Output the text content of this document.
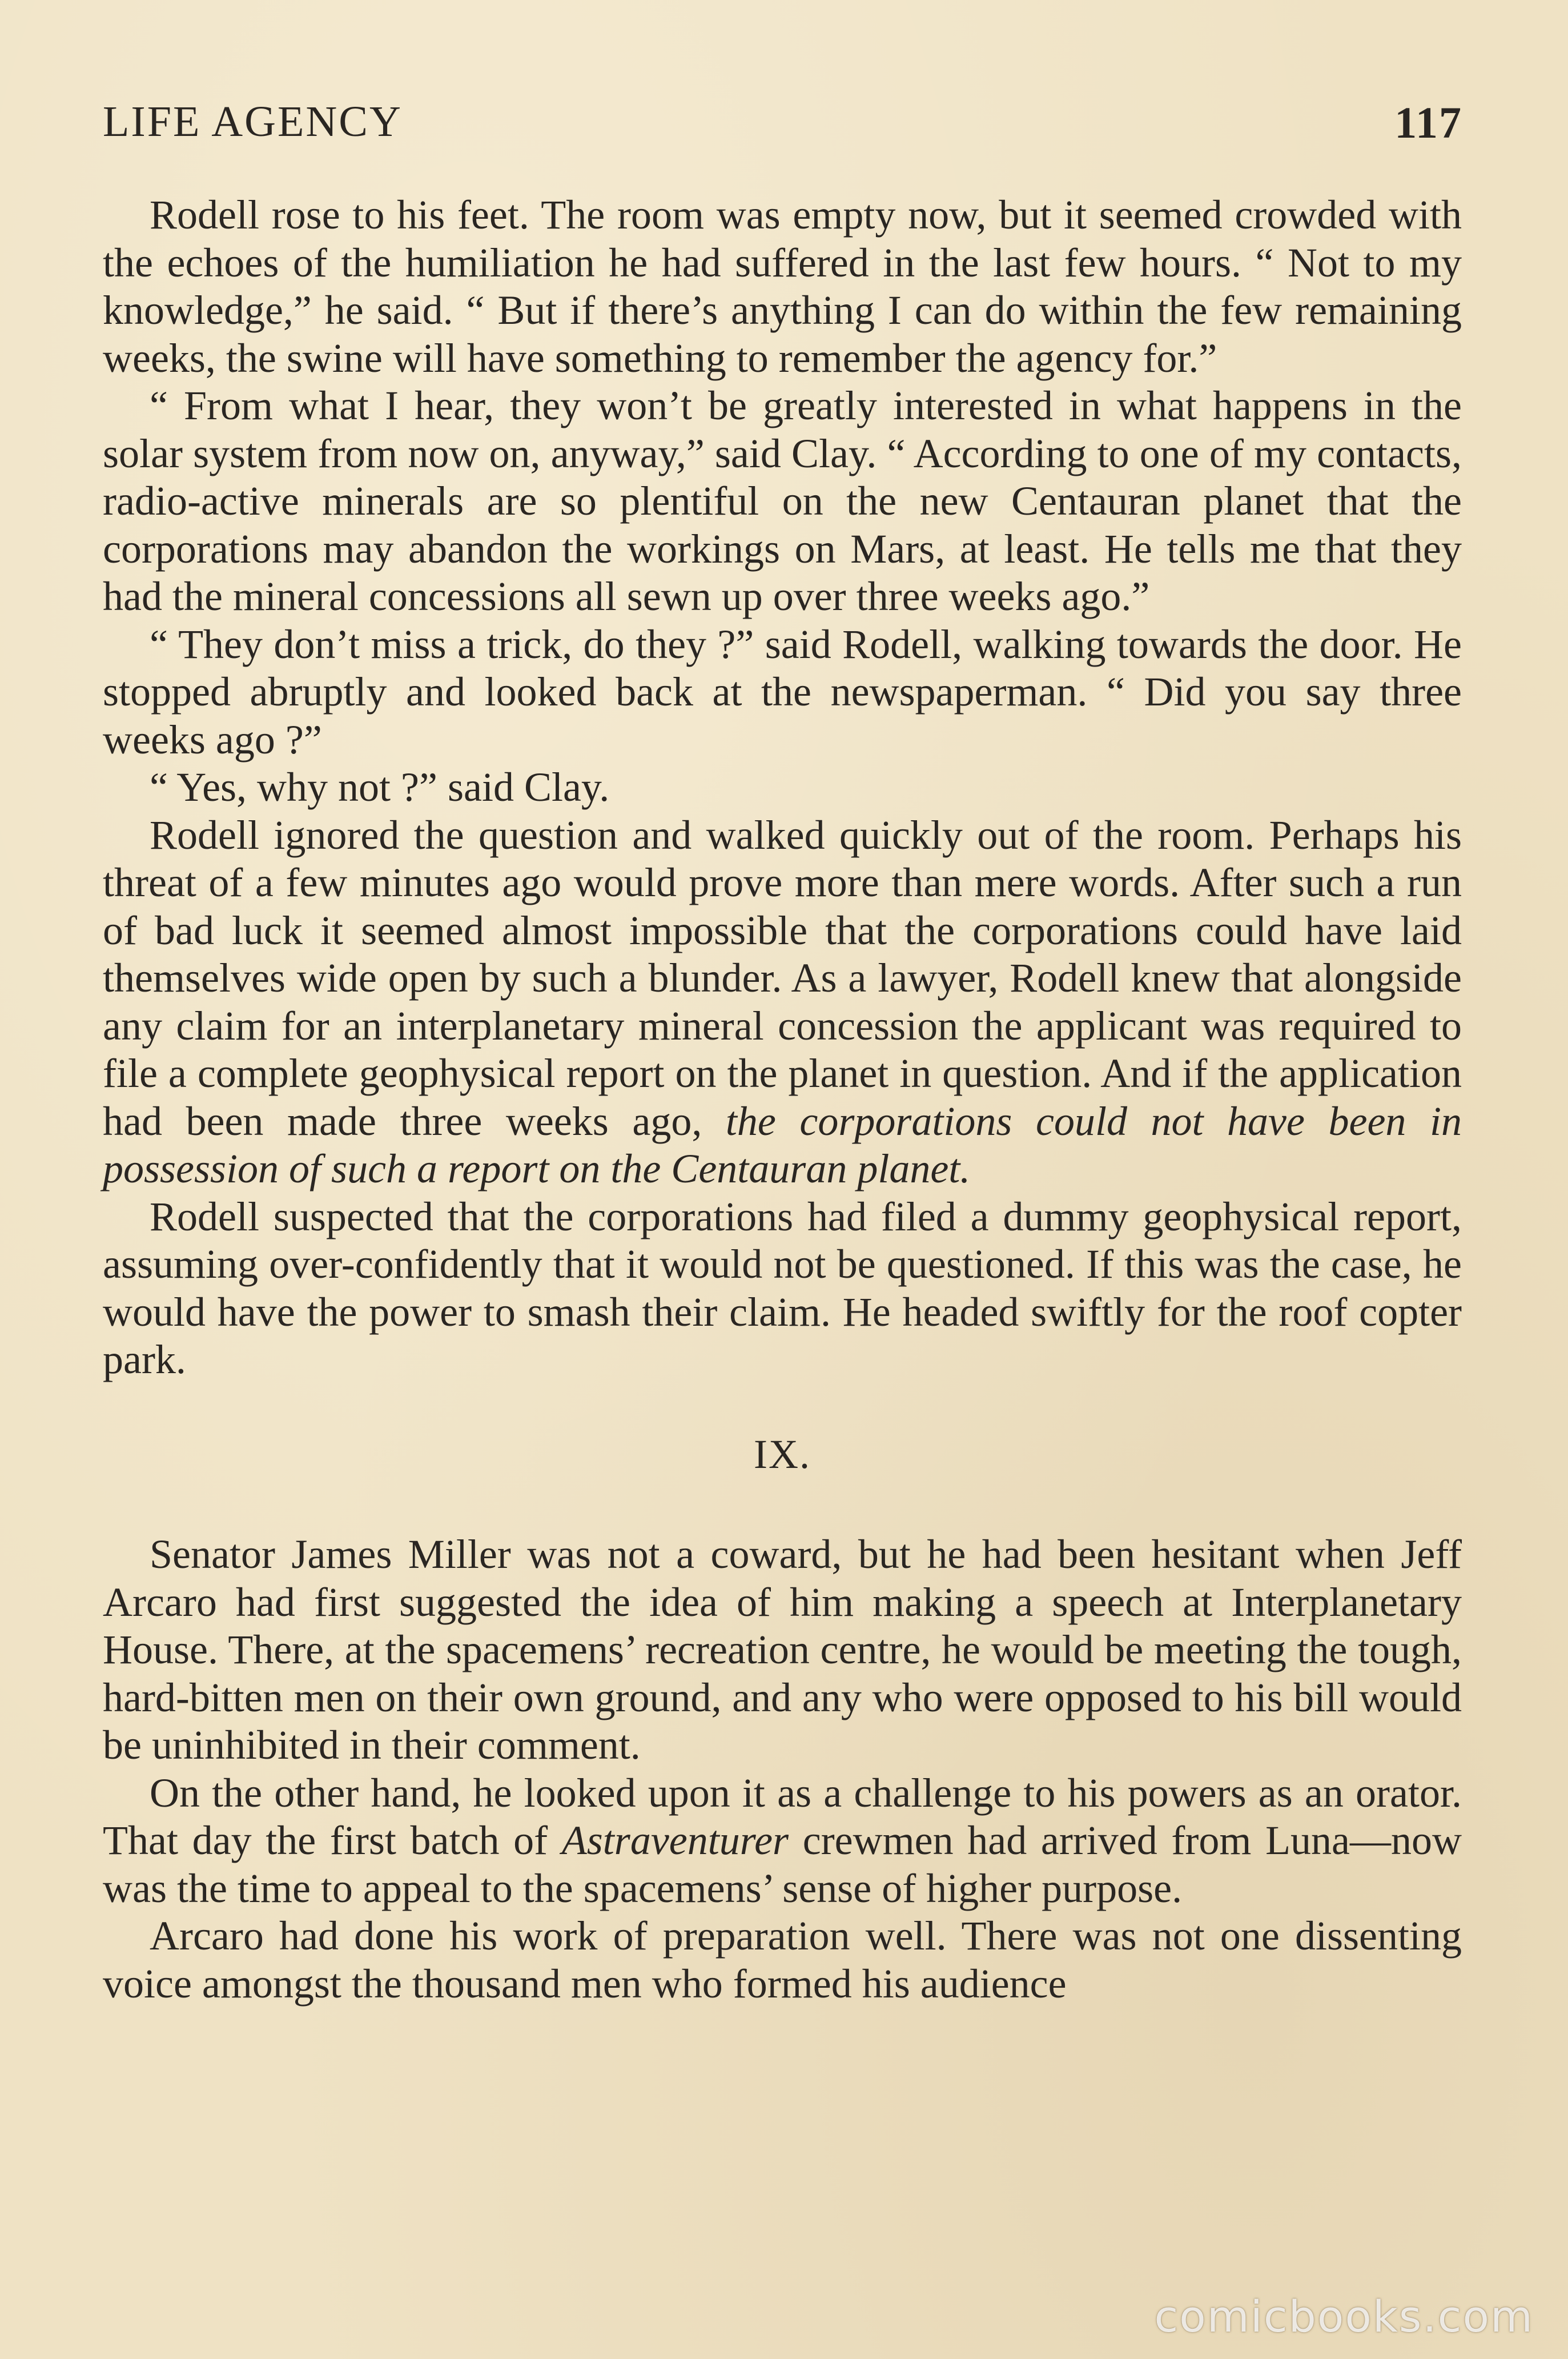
LIFE AGENCY	117

Rodell rose to his feet. The room was empty now, but it seemed crowded with the echoes of the humiliation he had suffered in the last few hours. “ Not to my knowledge,” he said. “ But if there’s anything I can do within the few remaining weeks, the swine will have something to remember the agency for.”

“ From what I hear, they won’t be greatly interested in what happens in the solar system from now on, anyway,” said Clay. “ According to one of my contacts, radio-active minerals are so plentiful on the new Centauran planet that the corporations may abandon the workings on Mars, at least. He tells me that they had the mineral concessions all sewn up over three weeks ago.”

“ They don’t miss a trick, do they ?” said Rodell, walking towards the door. He stopped abruptly and looked back at the newspaperman. “ Did you say three weeks ago ?”

“ Yes, why not ?” said Clay.

Rodell ignored the question and walked quickly out of the room. Perhaps his threat of a few minutes ago would prove more than mere words. After such a run of bad luck it seemed almost impossible that the corporations could have laid themselves wide open by such a blunder. As a lawyer, Rodell knew that alongside any claim for an interplanetary mineral concession the applicant was required to file a complete geophysical report on the planet in question. And if the application had been made three weeks ago, the corporations could not have been in possession of such a report on the Centauran planet.

Rodell suspected that the corporations had filed a dummy geophysical report, assuming over-confidently that it would not be questioned. If this was the case, he would have the power to smash their claim. He headed swiftly for the roof copter park.

IX.

Senator James Miller was not a coward, but he had been hesitant when Jeff Arcaro had first suggested the idea of him making a speech at Interplanetary House. There, at the spacemens’ recreation centre, he would be meeting the tough, hard-bitten men on their own ground, and any who were opposed to his bill would be uninhibited in their comment.

On the other hand, he looked upon it as a challenge to his powers as an orator. That day the first batch of Astraventurer crewmen had arrived from Luna—now was the time to appeal to the spacemens’ sense of higher purpose.

Arcaro had done his work of preparation well. There was not one dissenting voice amongst the thousand men who formed his audience

comicbooks.com
